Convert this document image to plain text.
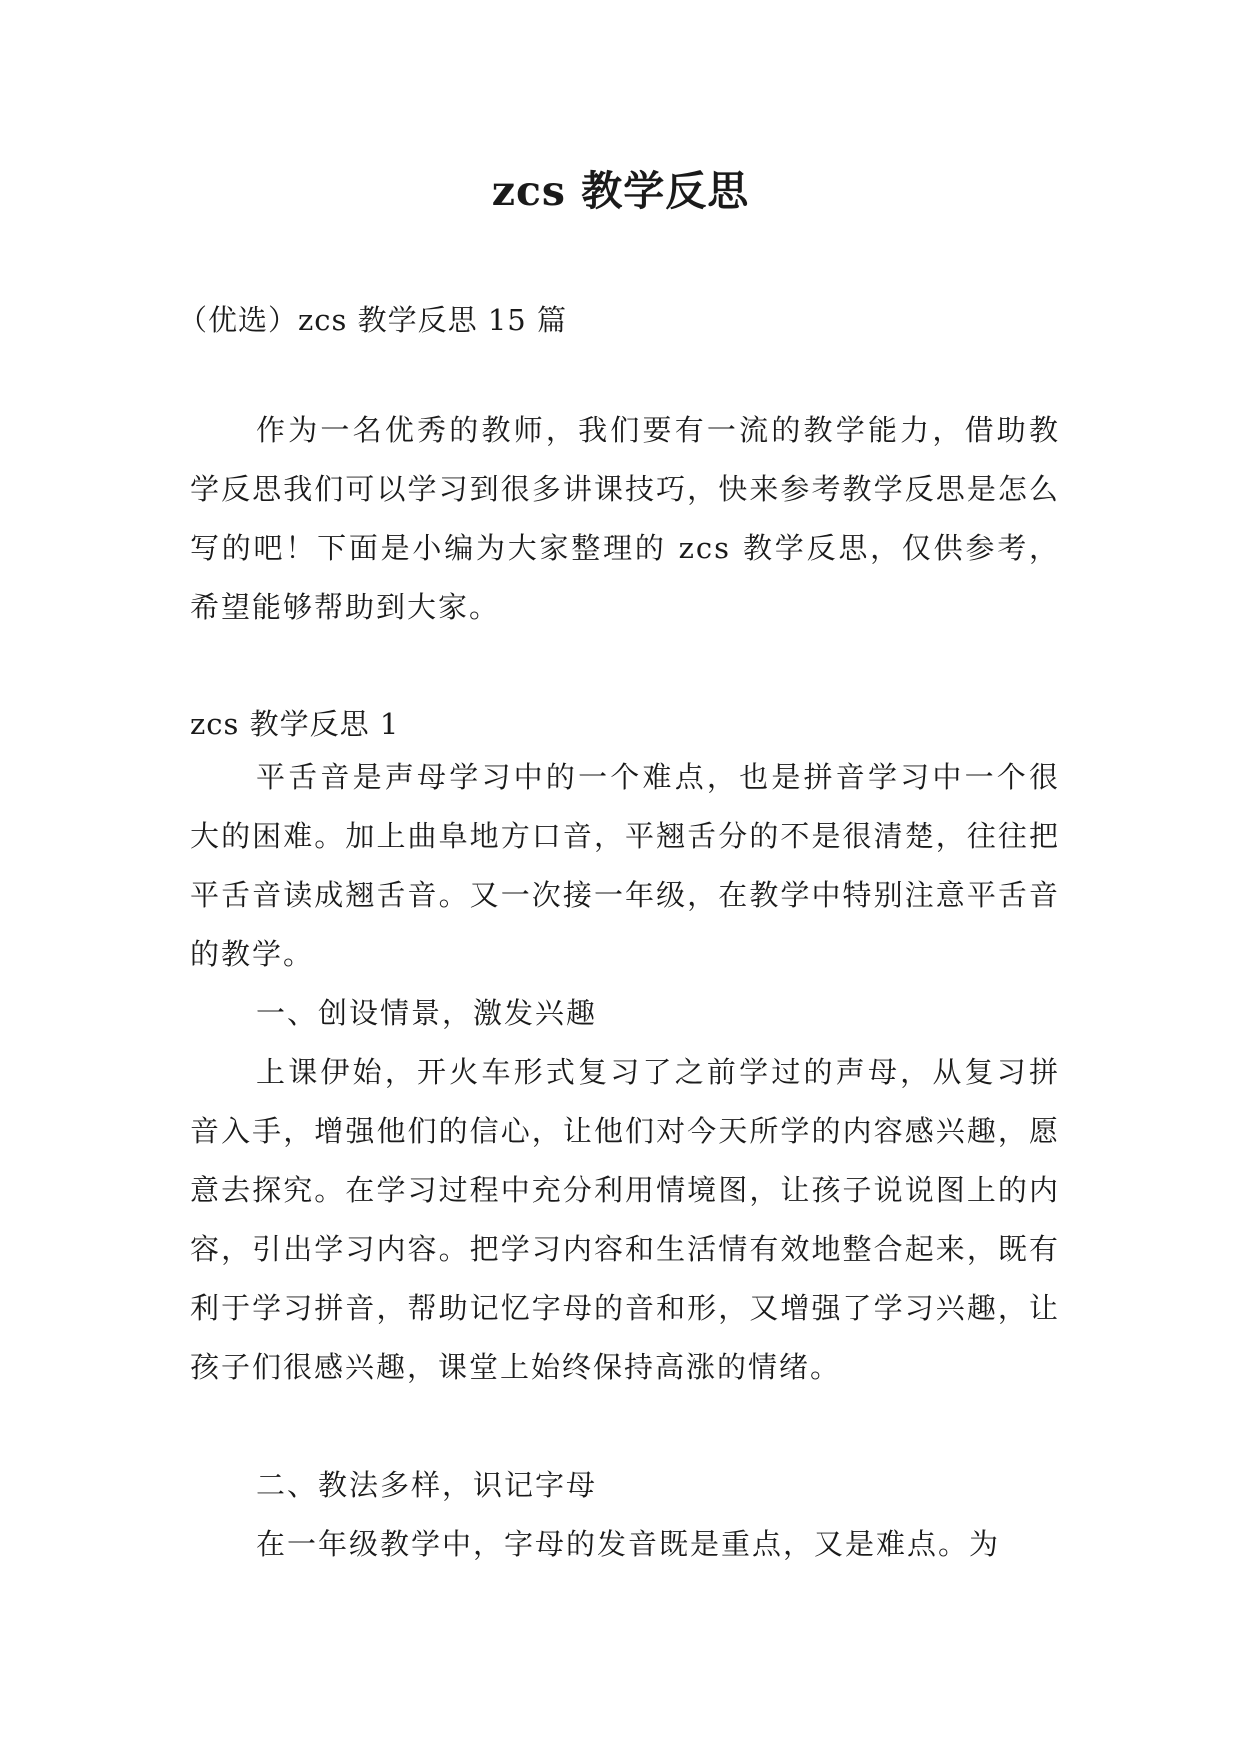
zcs 教学反思
（优选）zcs 教学反思 15 篇
作为一名优秀的教师，我们要有一流的教学能力，借助教学反思我们可以学习到很多讲课技巧，快来参考教学反思是怎么写的吧！下面是小编为大家整理的 zcs 教学反思，仅供参考，希望能够帮助到大家。
zcs 教学反思 1
平舌音是声母学习中的一个难点，也是拼音学习中一个很大的困难。加上曲阜地方口音，平翘舌分的不是很清楚，往往把平舌音读成翘舌音。又一次接一年级，在教学中特别注意平舌音的教学。
一、创设情景，激发兴趣
上课伊始，开火车形式复习了之前学过的声母，从复习拼音入手，增强他们的信心，让他们对今天所学的内容感兴趣，愿意去探究。在学习过程中充分利用情境图，让孩子说说图上的内容，引出学习内容。把学习内容和生活情有效地整合起来，既有利于学习拼音，帮助记忆字母的音和形，又增强了学习兴趣，让孩子们很感兴趣，课堂上始终保持高涨的情绪。
二、教法多样，识记字母
在一年级教学中，字母的发音既是重点，又是难点。为
